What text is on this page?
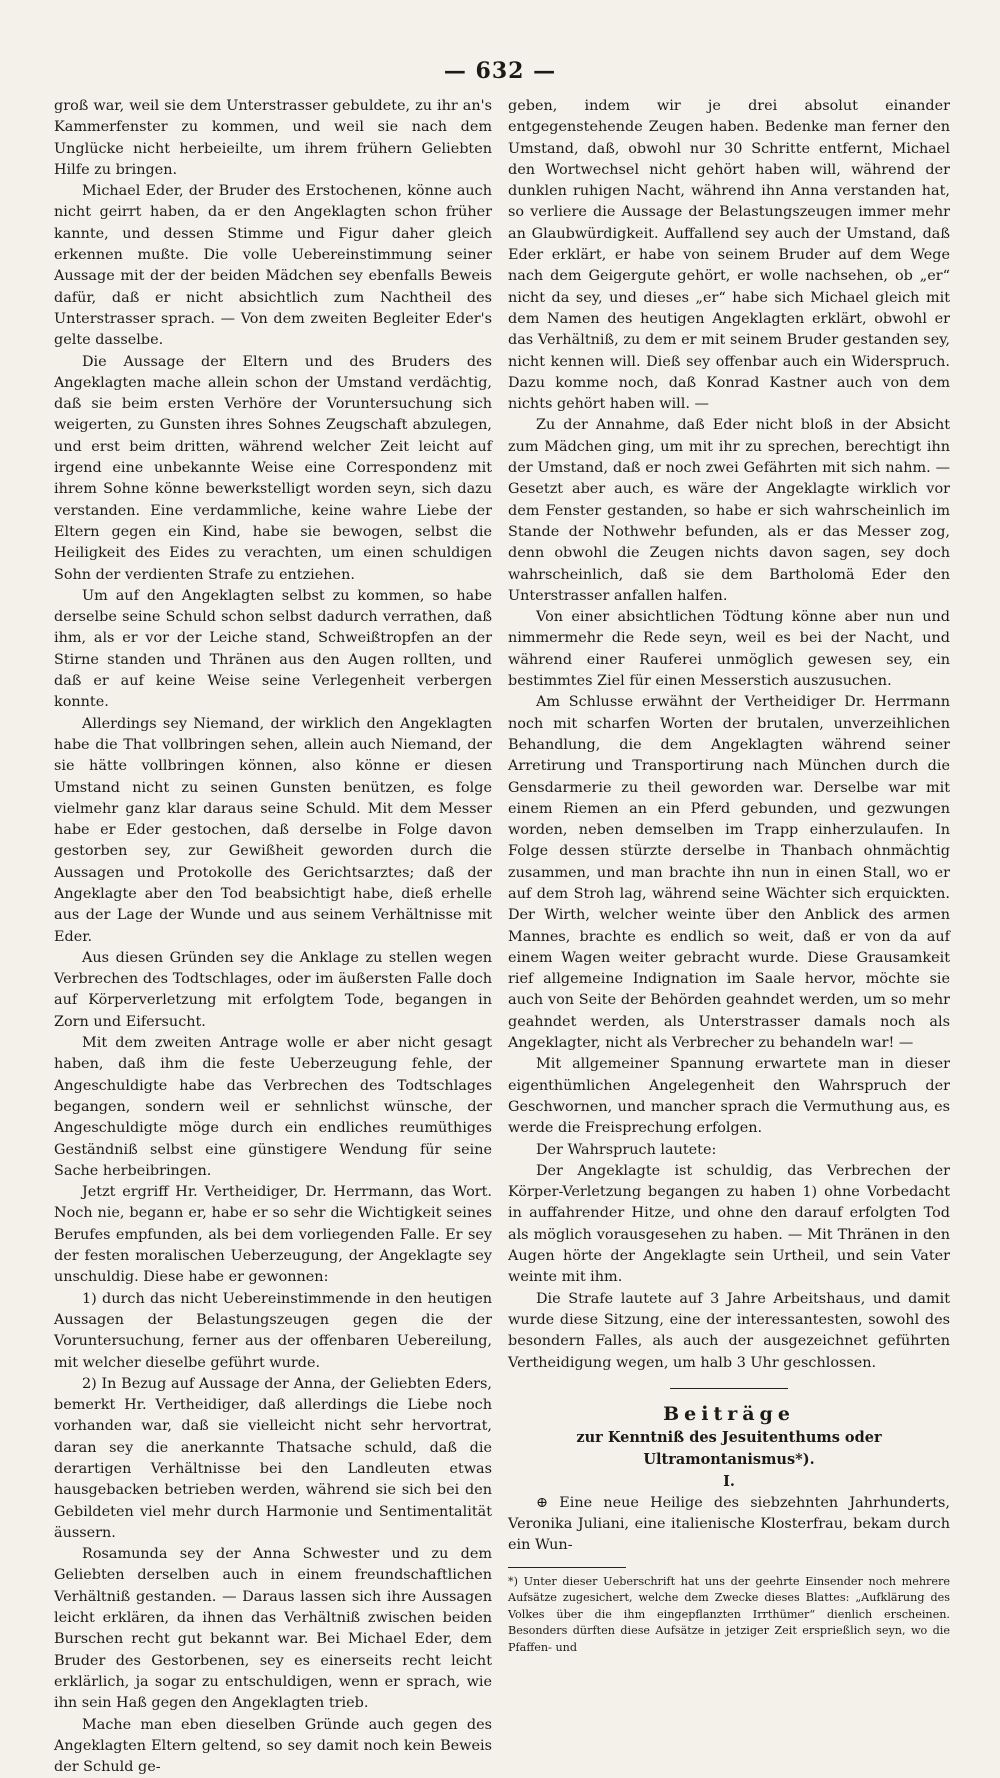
— 632 —

groß war, weil sie dem Unterstrasser gebuldete, zu ihr an's Kammerfenster zu kommen, und weil sie nach dem Unglücke nicht herbeieilte, um ihrem frühern Geliebten Hilfe zu bringen.

Michael Eder, der Bruder des Erstochenen, könne auch nicht geirrt haben, da er den Angeklagten schon früher kannte, und dessen Stimme und Figur daher gleich erkennen mußte. Die volle Uebereinstimmung seiner Aussage mit der der beiden Mädchen sey ebenfalls Beweis dafür, daß er nicht absichtlich zum Nachtheil des Unterstrasser sprach. — Von dem zweiten Begleiter Eder's gelte dasselbe.

Die Aussage der Eltern und des Bruders des Angeklagten mache allein schon der Umstand verdächtig, daß sie beim ersten Verhöre der Voruntersuchung sich weigerten, zu Gunsten ihres Sohnes Zeugschaft abzulegen, und erst beim dritten, während welcher Zeit leicht auf irgend eine unbekannte Weise eine Correspondenz mit ihrem Sohne könne bewerkstelligt worden seyn, sich dazu verstanden. Eine verdammliche, keine wahre Liebe der Eltern gegen ein Kind, habe sie bewogen, selbst die Heiligkeit des Eides zu verachten, um einen schuldigen Sohn der verdienten Strafe zu entziehen.

Um auf den Angeklagten selbst zu kommen, so habe derselbe seine Schuld schon selbst dadurch verrathen, daß ihm, als er vor der Leiche stand, Schweißtropfen an der Stirne standen und Thränen aus den Augen rollten, und daß er auf keine Weise seine Verlegenheit verbergen konnte.

Allerdings sey Niemand, der wirklich den Angeklagten habe die That vollbringen sehen, allein auch Niemand, der sie hätte vollbringen können, also könne er diesen Umstand nicht zu seinen Gunsten benützen, es folge vielmehr ganz klar daraus seine Schuld. Mit dem Messer habe er Eder gestochen, daß derselbe in Folge davon gestorben sey, zur Gewißheit geworden durch die Aussagen und Protokolle des Gerichtsarztes; daß der Angeklagte aber den Tod beabsichtigt habe, dieß erhelle aus der Lage der Wunde und aus seinem Verhältnisse mit Eder.

Aus diesen Gründen sey die Anklage zu stellen wegen Verbrechen des Todtschlages, oder im äußersten Falle doch auf Körperverletzung mit erfolgtem Tode, begangen in Zorn und Eifersucht.

Mit dem zweiten Antrage wolle er aber nicht gesagt haben, daß ihm die feste Ueberzeugung fehle, der Angeschuldigte habe das Verbrechen des Todtschlages begangen, sondern weil er sehnlichst wünsche, der Angeschuldigte möge durch ein endliches reumüthiges Geständniß selbst eine günstigere Wendung für seine Sache herbeibringen.

Jetzt ergriff Hr. Vertheidiger, Dr. Herrmann, das Wort. Noch nie, begann er, habe er so sehr die Wichtigkeit seines Berufes empfunden, als bei dem vorliegenden Falle. Er sey der festen moralischen Ueberzeugung, der Angeklagte sey unschuldig. Diese habe er gewonnen:

1) durch das nicht Uebereinstimmende in den heutigen Aussagen der Belastungszeugen gegen die der Voruntersuchung, ferner aus der offenbaren Uebereilung, mit welcher dieselbe geführt wurde.

2) In Bezug auf Aussage der Anna, der Geliebten Eders, bemerkt Hr. Vertheidiger, daß allerdings die Liebe noch vorhanden war, daß sie vielleicht nicht sehr hervortrat, daran sey die anerkannte Thatsache schuld, daß die derartigen Verhältnisse bei den Landleuten etwas hausgebacken betrieben werden, während sie sich bei den Gebildeten viel mehr durch Harmonie und Sentimentalität äussern.

Rosamunda sey der Anna Schwester und zu dem Geliebten derselben auch in einem freundschaftlichen Verhältniß gestanden. — Daraus lassen sich ihre Aussagen leicht erklären, da ihnen das Verhältniß zwischen beiden Burschen recht gut bekannt war. Bei Michael Eder, dem Bruder des Gestorbenen, sey es einerseits recht leicht erklärlich, ja sogar zu entschuldigen, wenn er sprach, wie ihn sein Haß gegen den Angeklagten trieb.

Mache man eben dieselben Gründe auch gegen des Angeklagten Eltern geltend, so sey damit noch kein Beweis der Schuld ge-

geben, indem wir je drei absolut einander entgegenstehende Zeugen haben. Bedenke man ferner den Umstand, daß, obwohl nur 30 Schritte entfernt, Michael den Wortwechsel nicht gehört haben will, während der dunklen ruhigen Nacht, während ihn Anna verstanden hat, so verliere die Aussage der Belastungszeugen immer mehr an Glaubwürdigkeit. Auffallend sey auch der Umstand, daß Eder erklärt, er habe von seinem Bruder auf dem Wege nach dem Geigergute gehört, er wolle nachsehen, ob „er“ nicht da sey, und dieses „er“ habe sich Michael gleich mit dem Namen des heutigen Angeklagten erklärt, obwohl er das Verhältniß, zu dem er mit seinem Bruder gestanden sey, nicht kennen will. Dieß sey offenbar auch ein Widerspruch. Dazu komme noch, daß Konrad Kastner auch von dem nichts gehört haben will. —

Zu der Annahme, daß Eder nicht bloß in der Absicht zum Mädchen ging, um mit ihr zu sprechen, berechtigt ihn der Umstand, daß er noch zwei Gefährten mit sich nahm. — Gesetzt aber auch, es wäre der Angeklagte wirklich vor dem Fenster gestanden, so habe er sich wahrscheinlich im Stande der Nothwehr befunden, als er das Messer zog, denn obwohl die Zeugen nichts davon sagen, sey doch wahrscheinlich, daß sie dem Bartholomä Eder den Unterstrasser anfallen halfen.

Von einer absichtlichen Tödtung könne aber nun und nimmermehr die Rede seyn, weil es bei der Nacht, und während einer Rauferei unmöglich gewesen sey, ein bestimmtes Ziel für einen Messerstich auszusuchen.

Am Schlusse erwähnt der Vertheidiger Dr. Herrmann noch mit scharfen Worten der brutalen, unverzeihlichen Behandlung, die dem Angeklagten während seiner Arretirung und Transportirung nach München durch die Gensdarmerie zu theil geworden war. Derselbe war mit einem Riemen an ein Pferd gebunden, und gezwungen worden, neben demselben im Trapp einherzulaufen. In Folge dessen stürzte derselbe in Thanbach ohnmächtig zusammen, und man brachte ihn nun in einen Stall, wo er auf dem Stroh lag, während seine Wächter sich erquickten. Der Wirth, welcher weinte über den Anblick des armen Mannes, brachte es endlich so weit, daß er von da auf einem Wagen weiter gebracht wurde. Diese Grausamkeit rief allgemeine Indignation im Saale hervor, möchte sie auch von Seite der Behörden geahndet werden, um so mehr geahndet werden, als Unterstrasser damals noch als Angeklagter, nicht als Verbrecher zu behandeln war! —

Mit allgemeiner Spannung erwartete man in dieser eigenthümlichen Angelegenheit den Wahrspruch der Geschwornen, und mancher sprach die Vermuthung aus, es werde die Freisprechung erfolgen.

Der Wahrspruch lautete:

Der Angeklagte ist schuldig, das Verbrechen der Körper-Verletzung begangen zu haben 1) ohne Vorbedacht in auffahrender Hitze, und ohne den darauf erfolgten Tod als möglich vorausgesehen zu haben. — Mit Thränen in den Augen hörte der Angeklagte sein Urtheil, und sein Vater weinte mit ihm.

Die Strafe lautete auf 3 Jahre Arbeitshaus, und damit wurde diese Sitzung, eine der interessantesten, sowohl des besondern Falles, als auch der ausgezeichnet geführten Vertheidigung wegen, um halb 3 Uhr geschlossen.

Beiträge

zur Kenntniß des Jesuitenthums oder Ultramontanismus*).

I.

⊕ Eine neue Heilige des siebzehnten Jahrhunderts, Veronika Juliani, eine italienische Klosterfrau, bekam durch ein Wun-

*) Unter dieser Ueberschrift hat uns der geehrte Einsender noch mehrere Aufsätze zugesichert, welche dem Zwecke dieses Blattes: „Aufklärung des Volkes über die ihm eingepflanzten Irrthümer“ dienlich erscheinen. Besonders dürften diese Aufsätze in jetziger Zeit ersprießlich seyn, wo die Pfaffen- und
